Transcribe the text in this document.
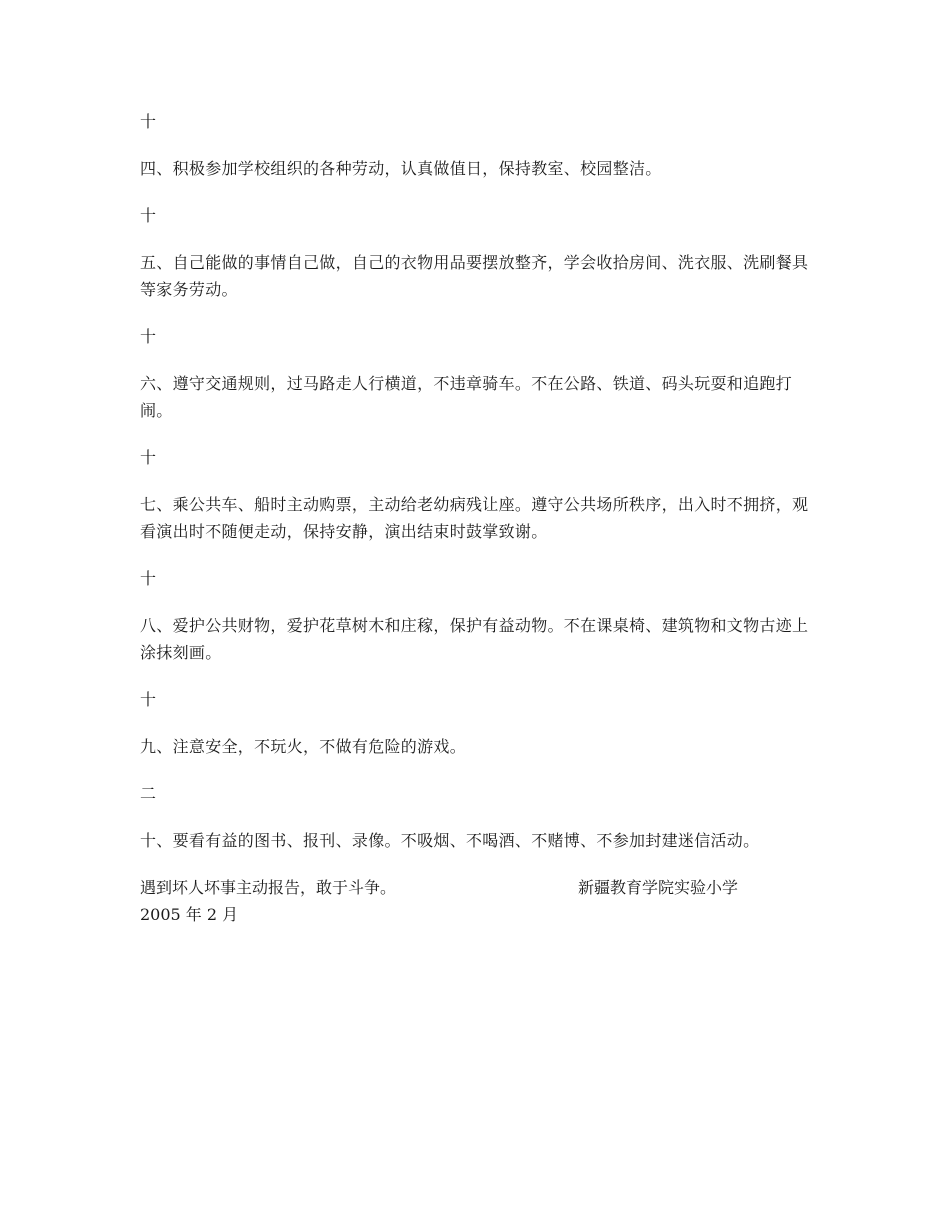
十
四、积极参加学校组织的各种劳动，认真做值日，保持教室、校园整洁。
十
五、自己能做的事情自己做，自己的衣物用品要摆放整齐，学会收拾房间、洗衣服、洗刷餐具等家务劳动。
十
六、遵守交通规则，过马路走人行横道，不违章骑车。不在公路、铁道、码头玩耍和追跑打闹。
十
七、乘公共车、船时主动购票，主动给老幼病残让座。遵守公共场所秩序，出入时不拥挤，观看演出时不随便走动，保持安静，演出结束时鼓掌致谢。
十
八、爱护公共财物，爱护花草树木和庄稼，保护有益动物。不在课桌椅、建筑物和文物古迹上涂抹刻画。
十
九、注意安全，不玩火，不做有危险的游戏。
二
十、要看有益的图书、报刊、录像。不吸烟、不喝酒、不赌博、不参加封建迷信活动。
遇到坏人坏事主动报告，敢于斗争。	新疆教育学院实验小学
2005 年 2 月
